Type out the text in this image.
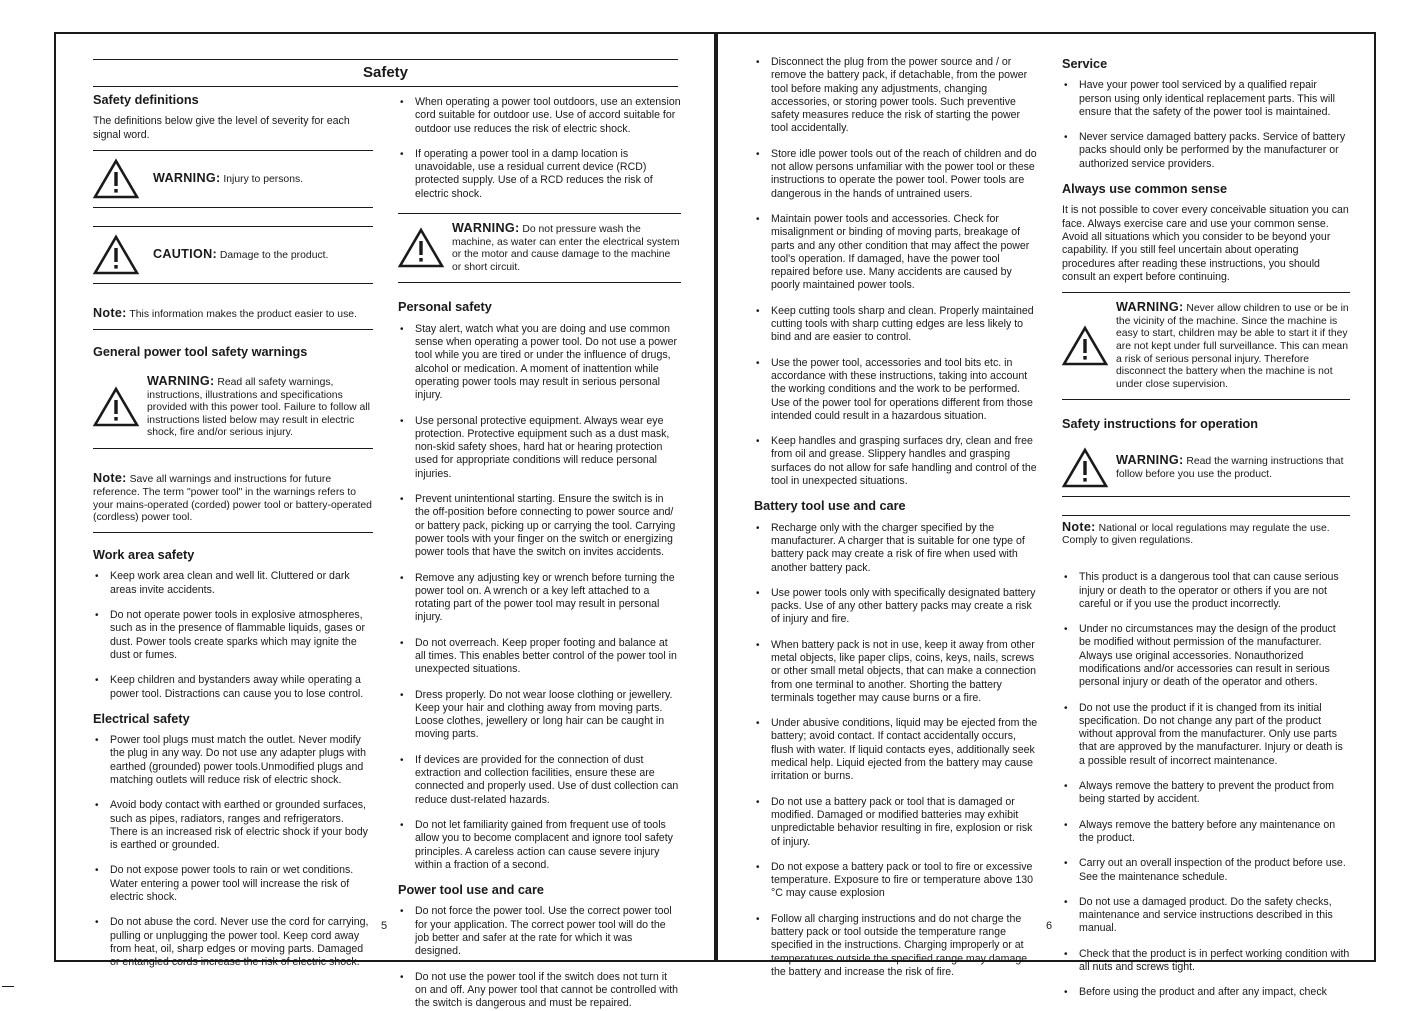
Safety
Safety definitions

The definitions below give the level of severity for each signal word.

WARNING: Injury to persons.
CAUTION: Damage to the product.
Note: This information makes the product easier to use.
General power tool safety warnings
WARNING: Read all safety warnings, instructions, illustrations and specifications provided with this power tool. Failure to follow all instructions listed below may result in electric shock, fire and/or serious injury.
Note: Save all warnings and instructions for future reference. The term "power tool" in the warnings refers to your mains-operated (corded) power tool or battery-operated (cordless) power tool.
Work area safety
• Keep work area clean and well lit. Cluttered or dark areas invite accidents.
• Do not operate power tools in explosive atmospheres, such as in the presence of flammable liquids, gases or dust. Power tools create sparks which may ignite the dust or fumes.
• Keep children and bystanders away while operating a power tool. Distractions can cause you to lose control.
Electrical safety
• Power tool plugs must match the outlet. Never modify the plug in any way. Do not use any adapter plugs with earthed (grounded) power tools.Unmodified plugs and matching outlets will reduce risk of electric shock.
• Avoid body contact with earthed or grounded surfaces, such as pipes, radiators, ranges and refrigerators. There is an increased risk of electric shock if your body is earthed or grounded.
• Do not expose power tools to rain or wet conditions. Water entering a power tool will increase the risk of electric shock.
• Do not abuse the cord. Never use the cord for carrying, pulling or unplugging the power tool. Keep cord away from heat, oil, sharp edges or moving parts. Damaged or entangled cords increase the risk of electric shock.
• When operating a power tool outdoors, use an extension cord suitable for outdoor use. Use of accord suitable for outdoor use reduces the risk of electric shock.
• If operating a power tool in a damp location is unavoidable, use a residual current device (RCD) protected supply. Use of a RCD reduces the risk of electric shock.
WARNING: Do not pressure wash the machine, as water can enter the electrical system or the motor and cause damage to the machine or short circuit.
Personal safety
• Stay alert, watch what you are doing and use common sense when operating a power tool. Do not use a power tool while you are tired or under the influence of drugs, alcohol or medication. A moment of inattention while operating power tools may result in serious personal injury.
• Use personal protective equipment. Always wear eye protection. Protective equipment such as a dust mask, non-skid safety shoes, hard hat or hearing protection used for appropriate conditions will reduce personal injuries.
• Prevent unintentional starting. Ensure the switch is in the off-position before connecting to power source and/ or battery pack, picking up or carrying the tool. Carrying power tools with your finger on the switch or energizing power tools that have the switch on invites accidents.
• Remove any adjusting key or wrench before turning the power tool on. A wrench or a key left attached to a rotating part of the power tool may result in personal injury.
• Do not overreach. Keep proper footing and balance at all times. This enables better control of the power tool in unexpected situations.
• Dress properly. Do not wear loose clothing or jewellery. Keep your hair and clothing away from moving parts. Loose clothes, jewellery or long hair can be caught in moving parts.
• If devices are provided for the connection of dust extraction and collection facilities, ensure these are connected and properly used. Use of dust collection can reduce dust-related hazards.
• Do not let familiarity gained from frequent use of tools allow you to become complacent and ignore tool safety principles. A careless action can cause severe injury within a fraction of a second.
Power tool use and care
• Do not force the power tool. Use the correct power tool for your application. The correct power tool will do the job better and safer at the rate for which it was designed.
• Do not use the power tool if the switch does not turn it on and off. Any power tool that cannot be controlled with the switch is dangerous and must be repaired.
5
• Disconnect the plug from the power source and / or remove the battery pack, if detachable, from the power tool before making any adjustments, changing accessories, or storing power tools. Such preventive safety measures reduce the risk of starting the power tool accidentally.
• Store idle power tools out of the reach of children and do not allow persons unfamiliar with the power tool or these instructions to operate the power tool. Power tools are dangerous in the hands of untrained users.
• Maintain power tools and accessories. Check for misalignment or binding of moving parts, breakage of parts and any other condition that may affect the power tool's operation. If damaged, have the power tool repaired before use. Many accidents are caused by poorly maintained power tools.
• Keep cutting tools sharp and clean. Properly maintained cutting tools with sharp cutting edges are less likely to bind and are easier to control.
• Use the power tool, accessories and tool bits etc. in accordance with these instructions, taking into account the working conditions and the work to be performed. Use of the power tool for operations different from those intended could result in a hazardous situation.
• Keep handles and grasping surfaces dry, clean and free from oil and grease. Slippery handles and grasping surfaces do not allow for safe handling and control of the tool in unexpected situations.
Battery tool use and care
• Recharge only with the charger specified by the manufacturer. A charger that is suitable for one type of battery pack may create a risk of fire when used with another battery pack.
• Use power tools only with specifically designated battery packs. Use of any other battery packs may create a risk of injury and fire.
• When battery pack is not in use, keep it away from other metal objects, like paper clips, coins, keys, nails, screws or other small metal objects, that can make a connection from one terminal to another. Shorting the battery terminals together may cause burns or a fire.
• Under abusive conditions, liquid may be ejected from the battery; avoid contact. If contact accidentally occurs, flush with water. If liquid contacts eyes, additionally seek medical help. Liquid ejected from the battery may cause irritation or burns.
• Do not use a battery pack or tool that is damaged or modified. Damaged or modified batteries may exhibit unpredictable behavior resulting in fire, explosion or risk of injury.
• Do not expose a battery pack or tool to fire or excessive temperature. Exposure to fire or temperature above 130 °C may cause explosion
• Follow all charging instructions and do not charge the battery pack or tool outside the temperature range specified in the instructions. Charging improperly or at temperatures outside the specified range may damage the battery and increase the risk of fire.
Service
• Have your power tool serviced by a qualified repair person using only identical replacement parts. This will ensure that the safety of the power tool is maintained.
• Never service damaged battery packs. Service of battery packs should only be performed by the manufacturer or authorized service providers.
Always use common sense

It is not possible to cover every conceivable situation you can face. Always exercise care and use your common sense. Avoid all situations which you consider to be beyond your capability. If you still feel uncertain about operating procedures after reading these instructions, you should consult an expert before continuing.

WARNING: Never allow children to use or be in the vicinity of the machine. Since the machine is easy to start, children may be able to start it if they are not kept under full surveillance. This can mean a risk of serious personal injury. Therefore disconnect the battery when the machine is not under close supervision.
Safety instructions for operation
WARNING: Read the warning instructions that follow before you use the product.
Note: National or local regulations may regulate the use. Comply to given regulations.
• This product is a dangerous tool that can cause serious injury or death to the operator or others if you are not careful or if you use the product incorrectly.
• Under no circumstances may the design of the product be modified without permission of the manufacturer. Always use original accessories. Nonauthorized modifications and/or accessories can result in serious personal injury or death of the operator and others.
• Do not use the product if it is changed from its initial specification. Do not change any part of the product without approval from the manufacturer. Only use parts that are approved by the manufacturer. Injury or death is a possible result of incorrect maintenance.
• Always remove the battery to prevent the product from being started by accident.
• Always remove the battery before any maintenance on the product.
• Carry out an overall inspection of the product before use. See the maintenance schedule.
• Do not use a damaged product. Do the safety checks, maintenance and service instructions described in this manual.
• Check that the product is in perfect working condition with all nuts and screws tight.
• Before using the product and after any impact, check
6
